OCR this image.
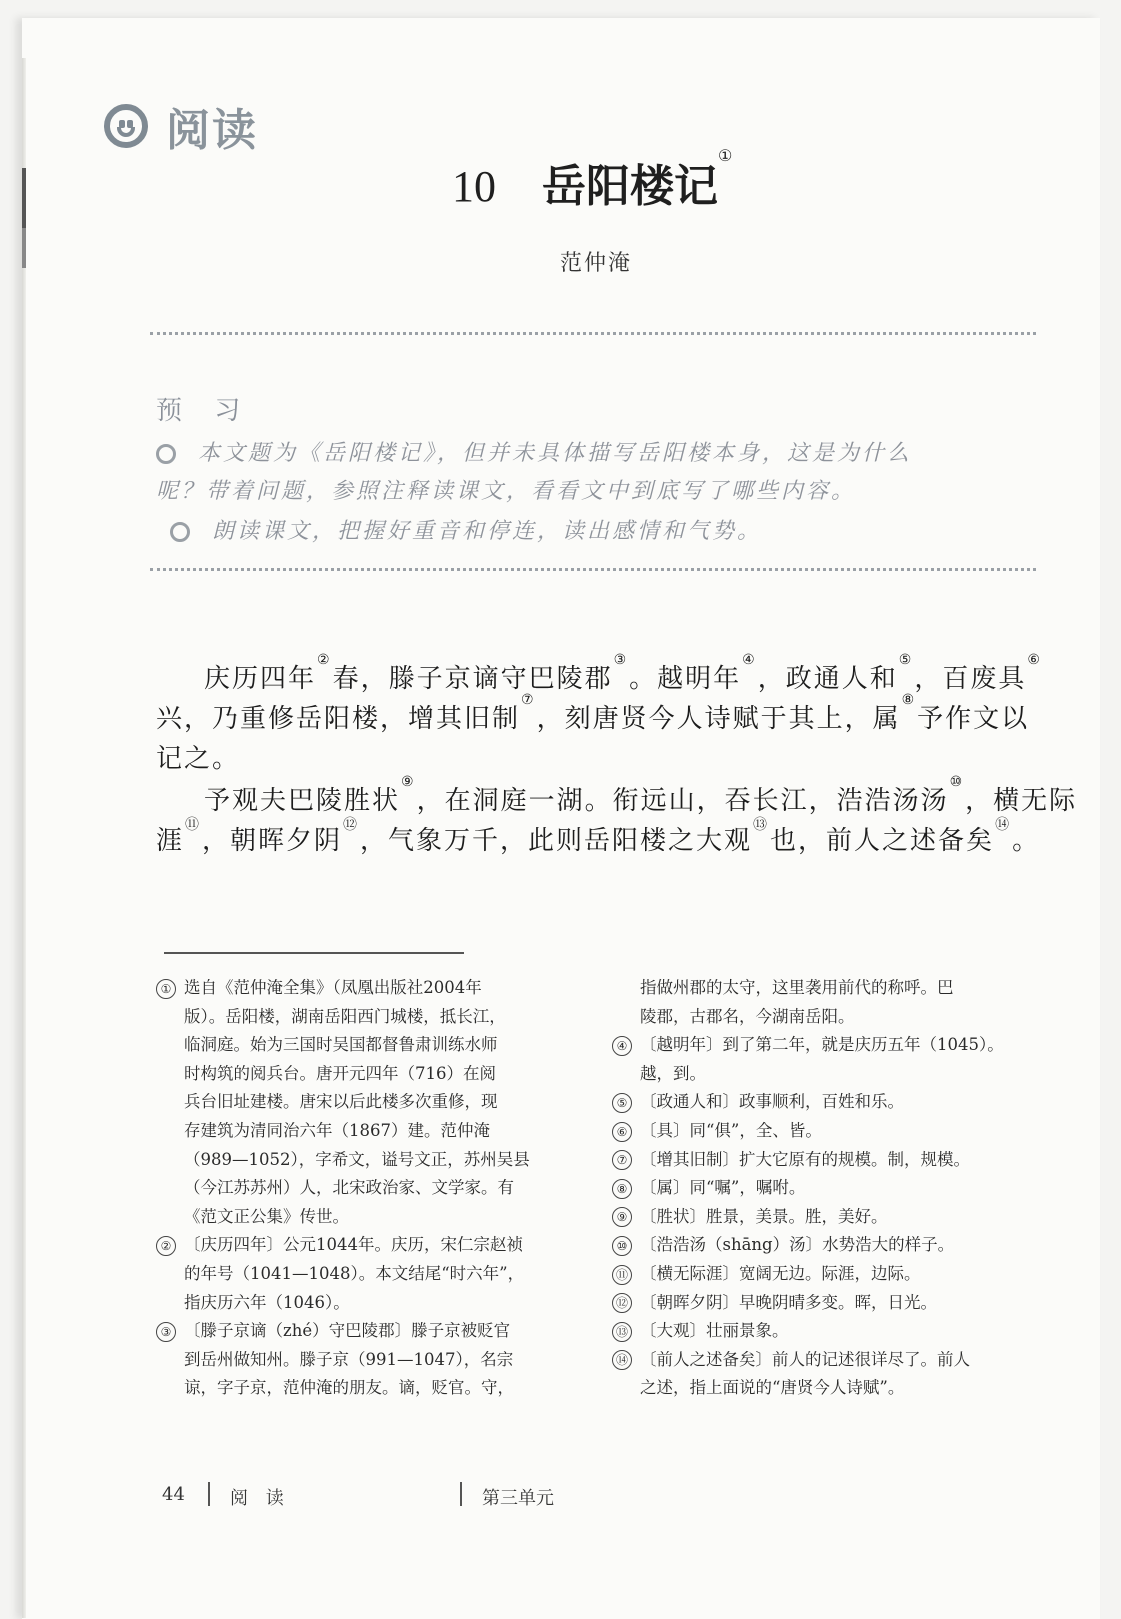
阅读
10 岳阳楼记①
范仲淹
预 习
本文题为《岳阳楼记》，但并未具体描写岳阳楼本身，这是为什么
呢？带着问题，参照注释读课文，看看文中到底写了哪些内容。
朗读课文，把握好重音和停连，读出感情和气势。
庆历四年②春，滕子京谪守巴陵郡③。越明年④，政通人和⑤，百废具⑥
兴，乃重修岳阳楼，增其旧制⑦，刻唐贤今人诗赋于其上，属⑧予作文以
记之。
予观夫巴陵胜状⑨，在洞庭一湖。衔远山，吞长江，浩浩汤汤⑩，横无际
涯⑪，朝晖夕阴⑫，气象万千，此则岳阳楼之大观⑬也，前人之述备矣⑭。
① 选自《范仲淹全集》（凤凰出版社2004年
版）。岳阳楼，湖南岳阳西门城楼，抵长江，
临洞庭。始为三国时吴国都督鲁肃训练水师
时构筑的阅兵台。唐开元四年（716）在阅
兵台旧址建楼。唐宋以后此楼多次重修，现
存建筑为清同治六年（1867）建。范仲淹
（989—1052），字希文，谥号文正，苏州吴县
（今江苏苏州）人，北宋政治家、文学家。有
《范文正公集》传世。
② 〔庆历四年〕公元1044年。庆历，宋仁宗赵祯
的年号（1041—1048）。本文结尾“时六年”，
指庆历六年（1046）。
③ 〔滕子京谪（zhé）守巴陵郡〕滕子京被贬官
到岳州做知州。滕子京（991—1047），名宗
谅，字子京，范仲淹的朋友。谪，贬官。守，
指做州郡的太守，这里袭用前代的称呼。巴
陵郡，古郡名，今湖南岳阳。
④ 〔越明年〕到了第二年，就是庆历五年（1045）。
越，到。
⑤ 〔政通人和〕政事顺利，百姓和乐。
⑥ 〔具〕同“俱”，全、皆。
⑦ 〔增其旧制〕扩大它原有的规模。制，规模。
⑧ 〔属〕同“嘱”，嘱咐。
⑨ 〔胜状〕胜景，美景。胜，美好。
⑩ 〔浩浩汤（shāng）汤〕水势浩大的样子。
⑪ 〔横无际涯〕宽阔无边。际涯，边际。
⑫ 〔朝晖夕阴〕早晚阴晴多变。晖，日光。
⑬ 〔大观〕壮丽景象。
⑭ 〔前人之述备矣〕前人的记述很详尽了。前人
之述，指上面说的“唐贤今人诗赋”。
44	阅 读	第三单元
